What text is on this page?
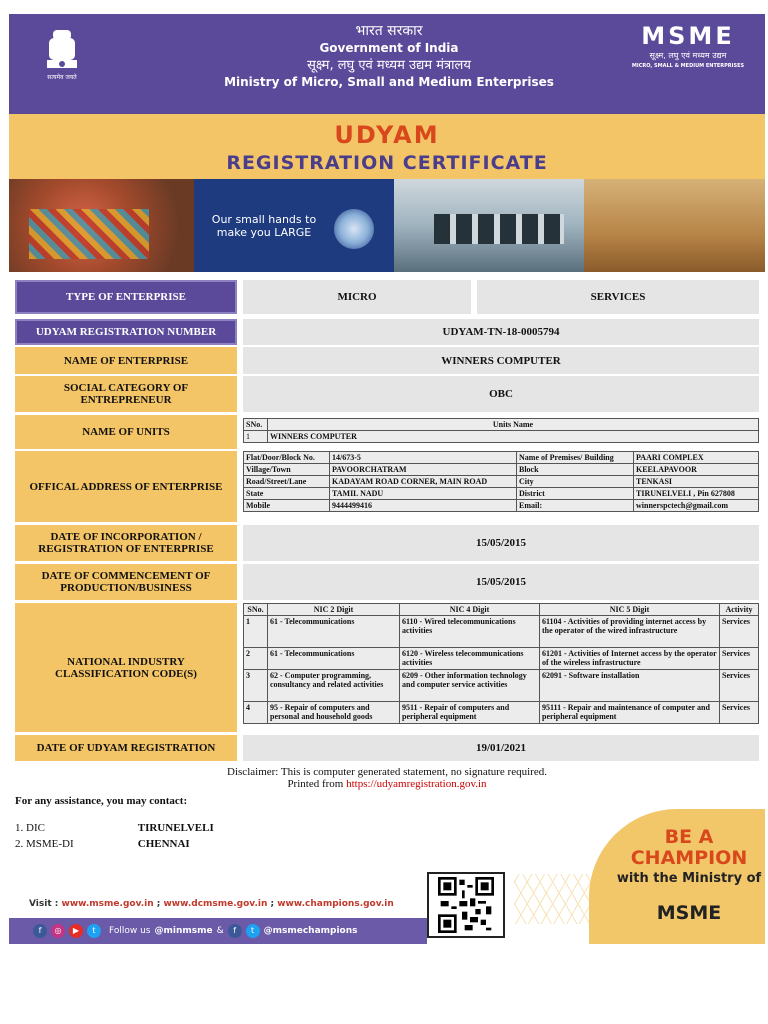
सत्यमेव जयते
भारत सरकार
Government of India
सूक्ष्म, लघु एवं मध्यम उद्यम मंत्रालय
Ministry of Micro, Small and Medium Enterprises
MSME
सूक्ष्म, लघु एवं मध्यम उद्यम
MICRO, SMALL & MEDIUM ENTERPRISES
UDYAM
REGISTRATION CERTIFICATE
Our small hands to make you LARGE
TYPE OF ENTERPRISE	MICRO	SERVICES
UDYAM REGISTRATION NUMBER	UDYAM-TN-18-0005794
NAME OF ENTERPRISE	WINNERS COMPUTER
SOCIAL CATEGORY OF ENTREPRENEUR	OBC
NAME OF UNITS
SNo.	Units Name
1	WINNERS COMPUTER
OFFICAL ADDRESS OF ENTERPRISE
Flat/Door/Block No.	14/673-5	Name of Premises/ Building	PAARI COMPLEX
Village/Town	PAVOORCHATRAM	Block	KEELAPAVOOR
Road/Street/Lane	KADAYAM ROAD CORNER, MAIN ROAD	City	TENKASI
State	TAMIL NADU	District	TIRUNELVELI , Pin 627808
Mobile	9444499416	Email:	winnerspctech@gmail.com
DATE OF INCORPORATION / REGISTRATION OF ENTERPRISE	15/05/2015
DATE OF COMMENCEMENT OF PRODUCTION/BUSINESS	15/05/2015
NATIONAL INDUSTRY CLASSIFICATION CODE(S)
SNo.	NIC 2 Digit	NIC 4 Digit	NIC 5 Digit	Activity
1	61 - Telecommunications	6110 - Wired telecommunications activities	61104 - Activities of providing internet access by the operator of the wired infrastructure	Services
2	61 - Telecommunications	6120 - Wireless telecommunications activities	61201 - Activities of Internet access by the operator of the wireless infrastructure	Services
3	62 - Computer programming, consultancy and related activities	6209 - Other information technology and computer service activities	62091 - Software installation	Services
4	95 - Repair of computers and personal and household goods	9511 - Repair of computers and peripheral equipment	95111 - Repair and maintenance of computer and peripheral equipment	Services
DATE OF UDYAM REGISTRATION	19/01/2021
Disclaimer: This is computer generated statement, no signature required.
Printed from https://udyamregistration.gov.in
For any assistance, you may contact:
1. DIC	TIRUNELVELI
2. MSME-DI	CHENNAI	BE A CHAMPION
with the Ministry of
MSME
Visit : www.msme.gov.in ; www.dcmsme.gov.in ; www.champions.gov.in
f	◎	▶	t	Follow us @minmsme &	f	t	@msmechampions
